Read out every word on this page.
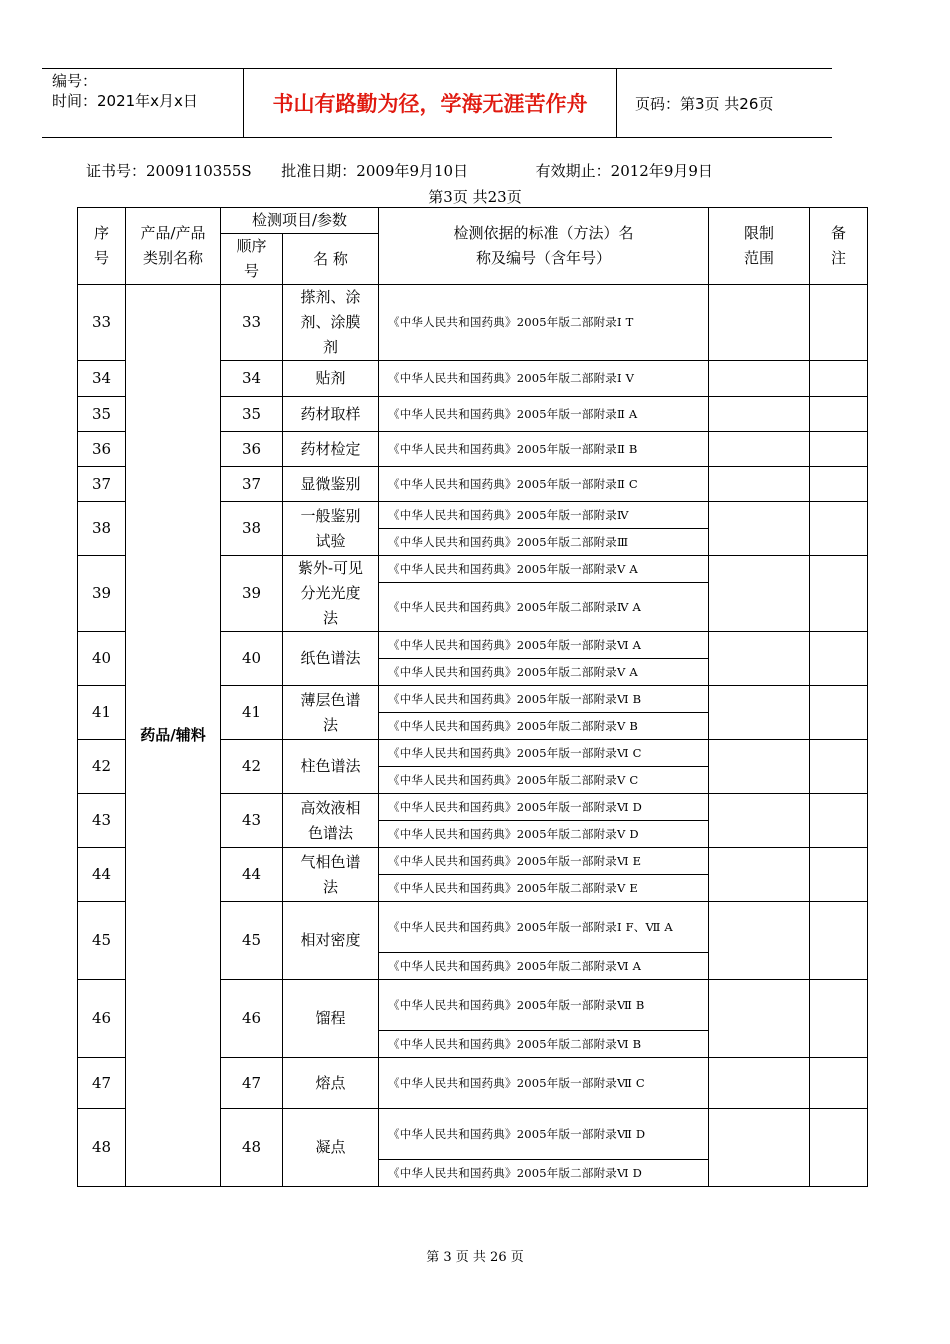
编号：
时间：2021年x月x日	书山有路勤为径，学海无涯苦作舟	页码：第3页 共26页
证书号：2009110355S 批准日期：2009年9月10日	有效期止：2012年9月9日
第3页 共23页
序号	产品/产品类别名称	检测项目/参数		检测依据的标准（方法）名称及编号（含年号）	限制范围	备注

		顺序号	名 称			
33	药品/辅料	33	搽剂、涂剂、涂膜剂	《中华人民共和国药典》2005年版二部附录Ⅰ T		

34		34	贴剂	《中华人民共和国药典》2005年版二部附录Ⅰ V		

35		35	药材取样	《中华人民共和国药典》2005年版一部附录Ⅱ A		

36		36	药材检定	《中华人民共和国药典》2005年版一部附录Ⅱ B		

37		37	显微鉴别	《中华人民共和国药典》2005年版一部附录Ⅱ C		

38		38	一般鉴别试验	《中华人民共和国药典》2005年版一部附录Ⅳ		

				《中华人民共和国药典》2005年版二部附录Ⅲ		

39		39	紫外-可见分光光度法	《中华人民共和国药典》2005年版一部附录Ⅴ A		

				《中华人民共和国药典》2005年版二部附录Ⅳ A		

40		40	纸色谱法	《中华人民共和国药典》2005年版一部附录Ⅵ A		

				《中华人民共和国药典》2005年版二部附录Ⅴ A		

41		41	薄层色谱法	《中华人民共和国药典》2005年版一部附录Ⅵ B		

				《中华人民共和国药典》2005年版二部附录Ⅴ B		

42		42	柱色谱法	《中华人民共和国药典》2005年版一部附录Ⅵ C		

				《中华人民共和国药典》2005年版二部附录Ⅴ C		

43		43	高效液相色谱法	《中华人民共和国药典》2005年版一部附录Ⅵ D		

				《中华人民共和国药典》2005年版二部附录Ⅴ D		

44		44	气相色谱法	《中华人民共和国药典》2005年版一部附录Ⅵ E		

				《中华人民共和国药典》2005年版二部附录Ⅴ E		

45		45	相对密度	《中华人民共和国药典》2005年版一部附录Ⅰ F、Ⅶ A		

				《中华人民共和国药典》2005年版二部附录Ⅵ A		

46		46	馏程	《中华人民共和国药典》2005年版一部附录Ⅶ B		

				《中华人民共和国药典》2005年版二部附录Ⅵ B		

47		47	熔点	《中华人民共和国药典》2005年版一部附录Ⅶ C		

48		48	凝点	《中华人民共和国药典》2005年版一部附录Ⅶ D		

				《中华人民共和国药典》2005年版二部附录Ⅵ D		
第 3 页 共 26 页
